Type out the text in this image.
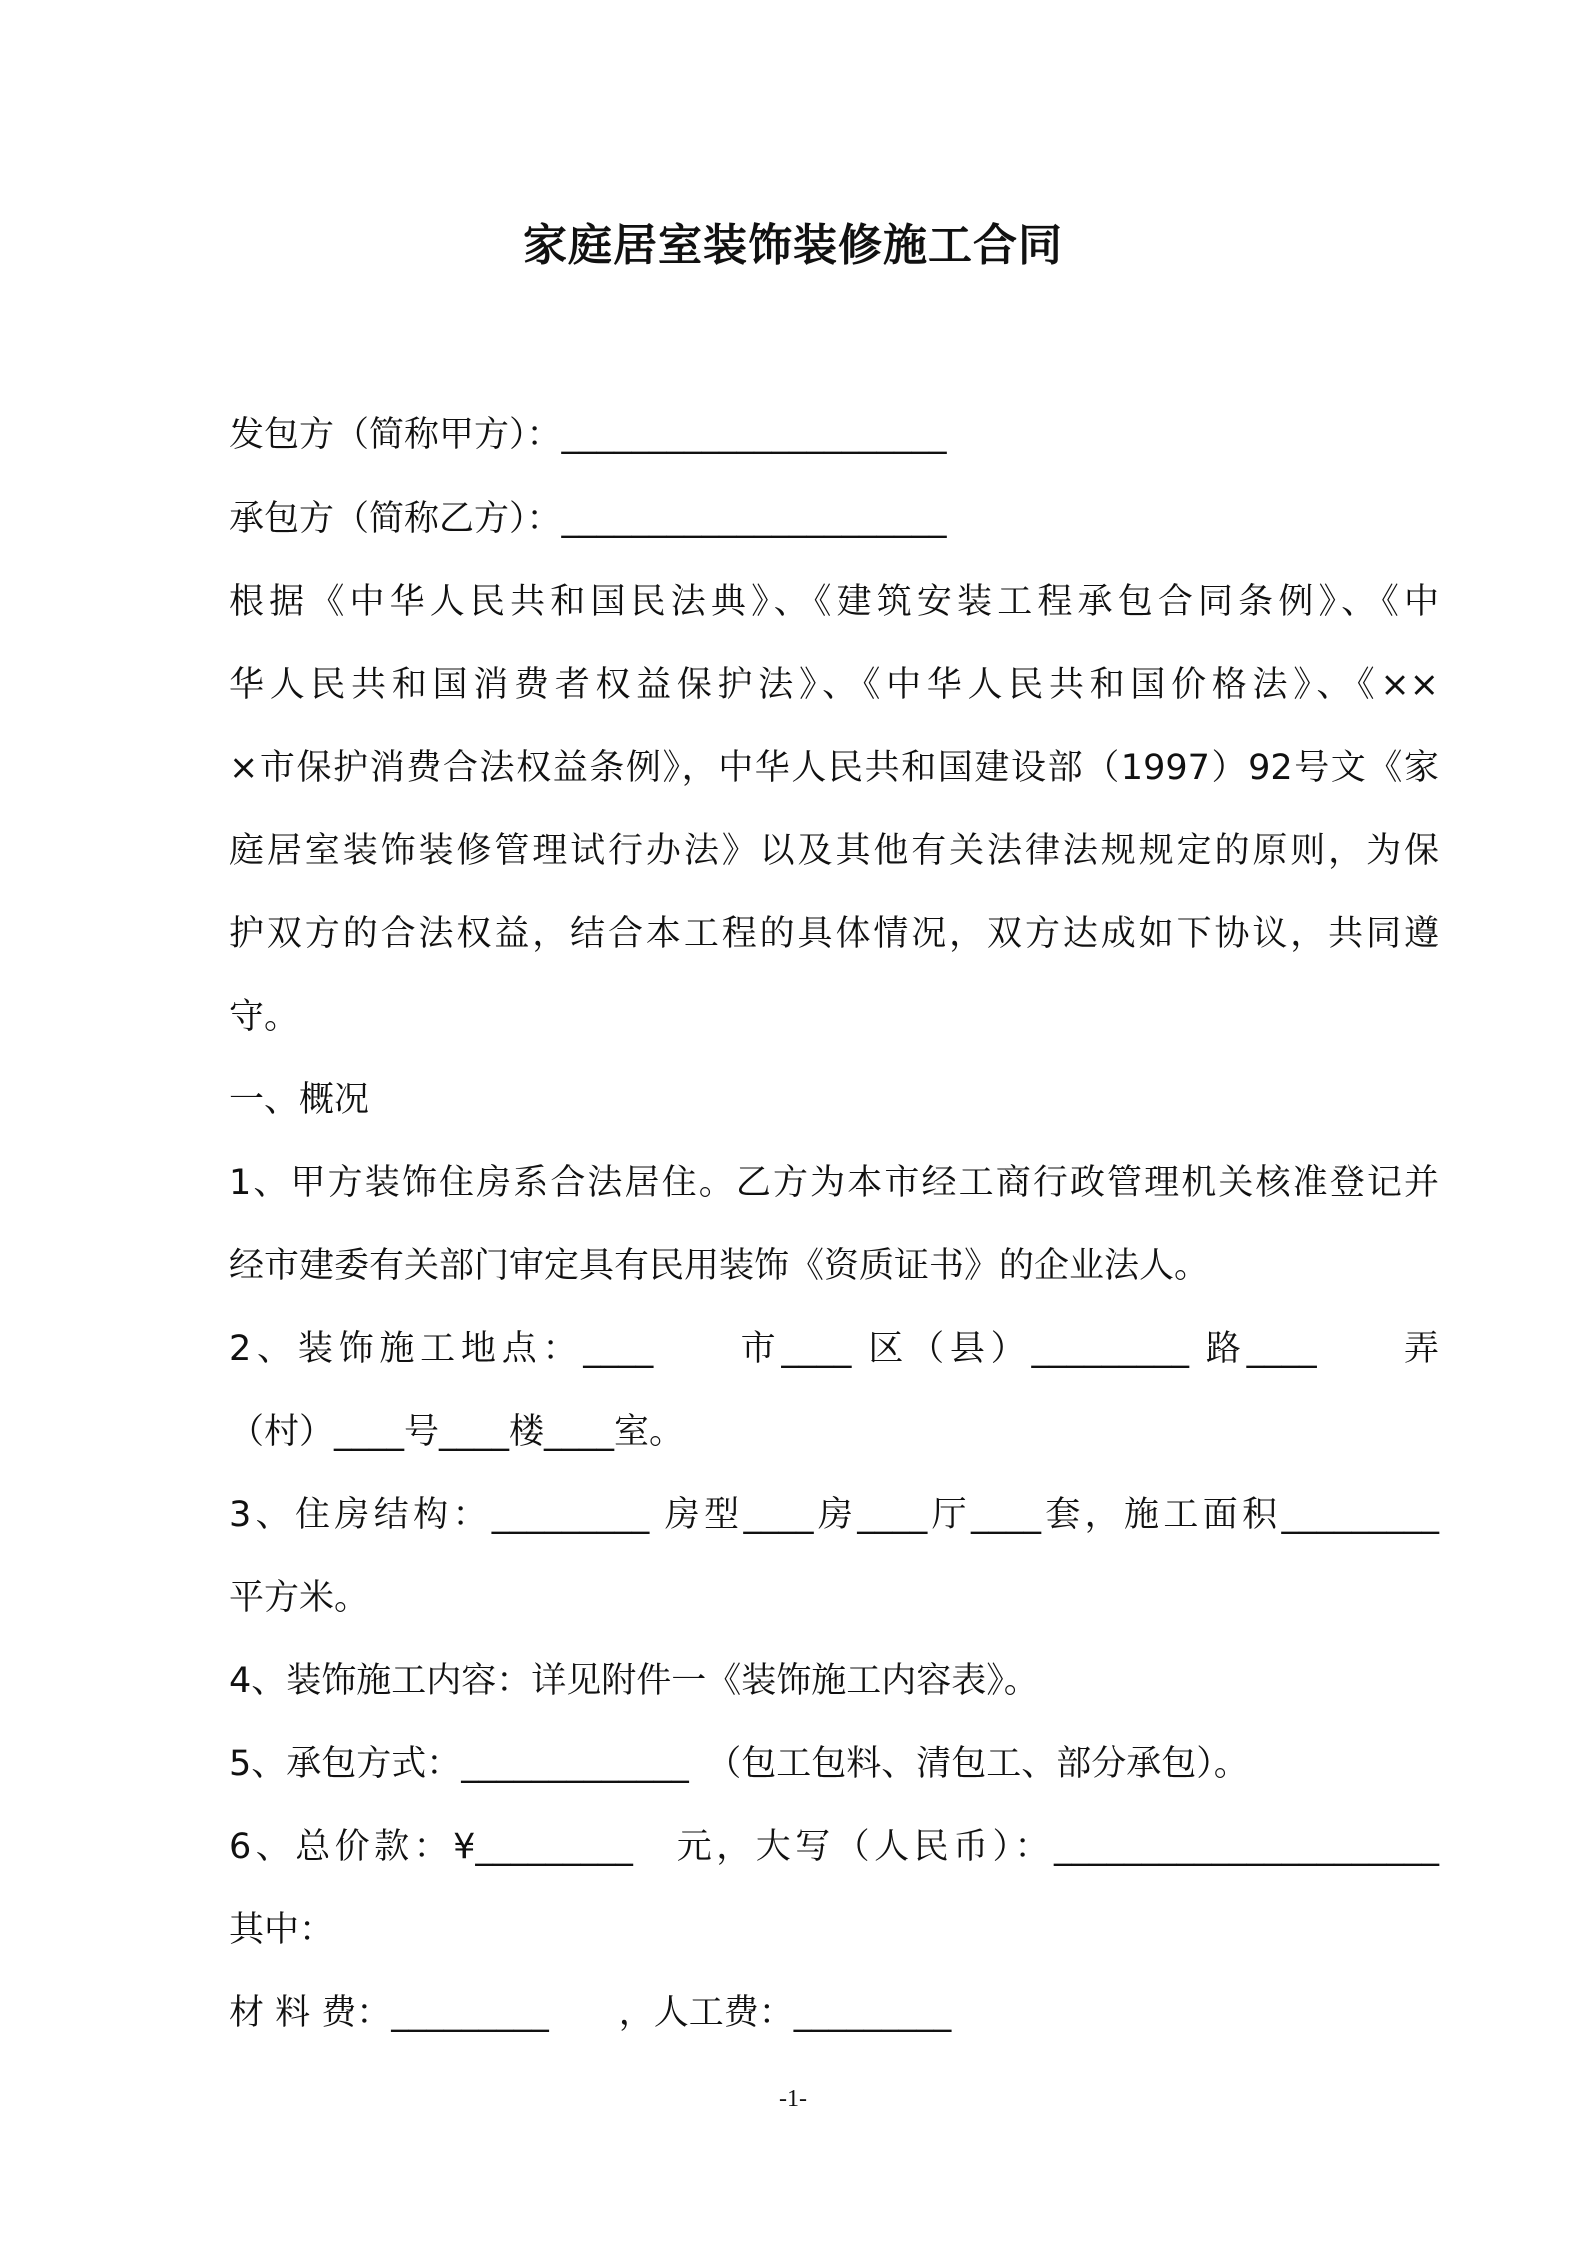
家庭居室装饰装修施工合同
发包方（简称甲方）：______________________
承包方（简称乙方）：______________________
根据《中华人民共和国民法典》、《建筑安装工程承包合同条例》、《中
华人民共和国消费者权益保护法》、《中华人民共和国价格法》、《××
×市保护消费合法权益条例》，中华人民共和国建设部（1997）92号文《家
庭居室装饰装修管理试行办法》以及其他有关法律法规规定的原则，为保
护双方的合法权益，结合本工程的具体情况，双方达成如下协议，共同遵
守。
一、概况
1、甲方装饰住房系合法居住。乙方为本市经工商行政管理机关核准登记并
经市建委有关部门审定具有民用装饰《资质证书》的企业法人。
2、装饰施工地点：____　　市____ 区（县）_________ 路____　　弄
（村）____号____楼____室。
3、住房结构：_________ 房型____房____厅____套，施工面积_________
平方米。
4、装饰施工内容：详见附件一《装饰施工内容表》。
5、承包方式：_____________　（包工包料、清包工、部分承包）。
6、总价款：¥_________　元，大写（人民币）：______________________
其中：
材 料 费：_________　　，人工费：_________
-1-
